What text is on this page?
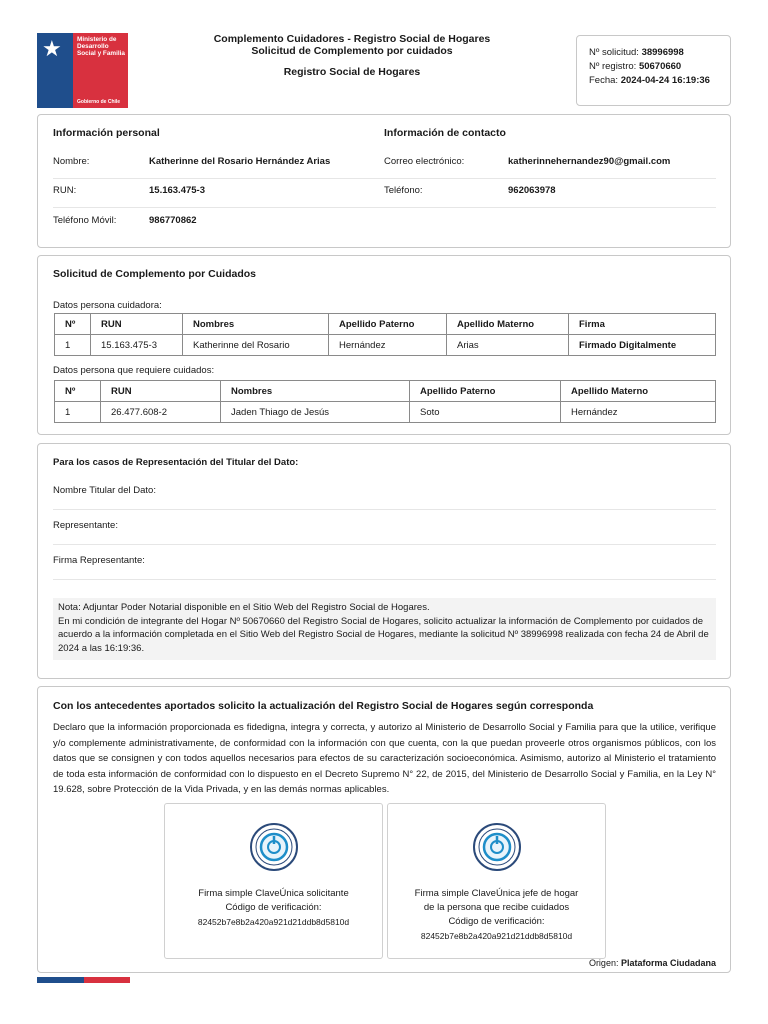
★ Ministerio de Desarrollo Social y Familia
Gobierno de Chile
Complemento Cuidadores - Registro Social de Hogares
Solicitud de Complemento por cuidados
Registro Social de Hogares
Nº solicitud: 38996998
Nº registro: 50670660
Fecha: 2024-04-24 16:19:36
Información personal	Información de contacto
Nombre:	Katherinne del Rosario Hernández Arias	Correo electrónico:	katherinnehernandez90@gmail.com
RUN:	15.163.475-3	Teléfono:	962063978
Teléfono Móvil:	986770862
Solicitud de Complemento por Cuidados
Datos persona cuidadora:
Nº	RUN	Nombres	Apellido Paterno	Apellido Materno	Firma
1	15.163.475-3	Katherinne del Rosario	Hernández	Arias	Firmado Digitalmente
Datos persona que requiere cuidados:
Nº	RUN	Nombres	Apellido Paterno	Apellido Materno
1	26.477.608-2	Jaden Thiago de Jesús	Soto	Hernández
Para los casos de Representación del Titular del Dato:
Nombre Titular del Dato:
Representante:
Firma Representante:
Nota: Adjuntar Poder Notarial disponible en el Sitio Web del Registro Social de Hogares.
En mi condición de integrante del Hogar Nº 50670660 del Registro Social de Hogares, solicito actualizar la información de Complemento por cuidados de acuerdo a la información completada en el Sitio Web del Registro Social de Hogares, mediante la solicitud Nº 38996998 realizada con fecha 24 de Abril de 2024 a las 16:19:36.
Con los antecedentes aportados solicito la actualización del Registro Social de Hogares según corresponda
Declaro que la información proporcionada es fidedigna, integra y correcta, y autorizo al Ministerio de Desarrollo Social y Familia para que la utilice, verifique y/o complemente administrativamente, de conformidad con la información con que cuenta, con la que puedan proveerle otros organismos públicos, con los datos que se consignen y con todos aquellos necesarios para efectos de su caracterización socioeconómica. Asimismo, autorizo al Ministerio el tratamiento de toda esta información de conformidad con lo dispuesto en el Decreto Supremo N° 22, de 2015, del Ministerio de Desarrollo Social y Familia, en la Ley N° 19.628, sobre Protección de la Vida Privada, y en las demás normas aplicables.
Firma simple ClaveÚnica solicitante
Código de verificación:
82452b7e8b2a420a921d21ddb8d5810d
Firma simple ClaveÚnica jefe de hogar
de la persona que recibe cuidados
Código de verificación:
82452b7e8b2a420a921d21ddb8d5810d
Origen: Plataforma Ciudadana
